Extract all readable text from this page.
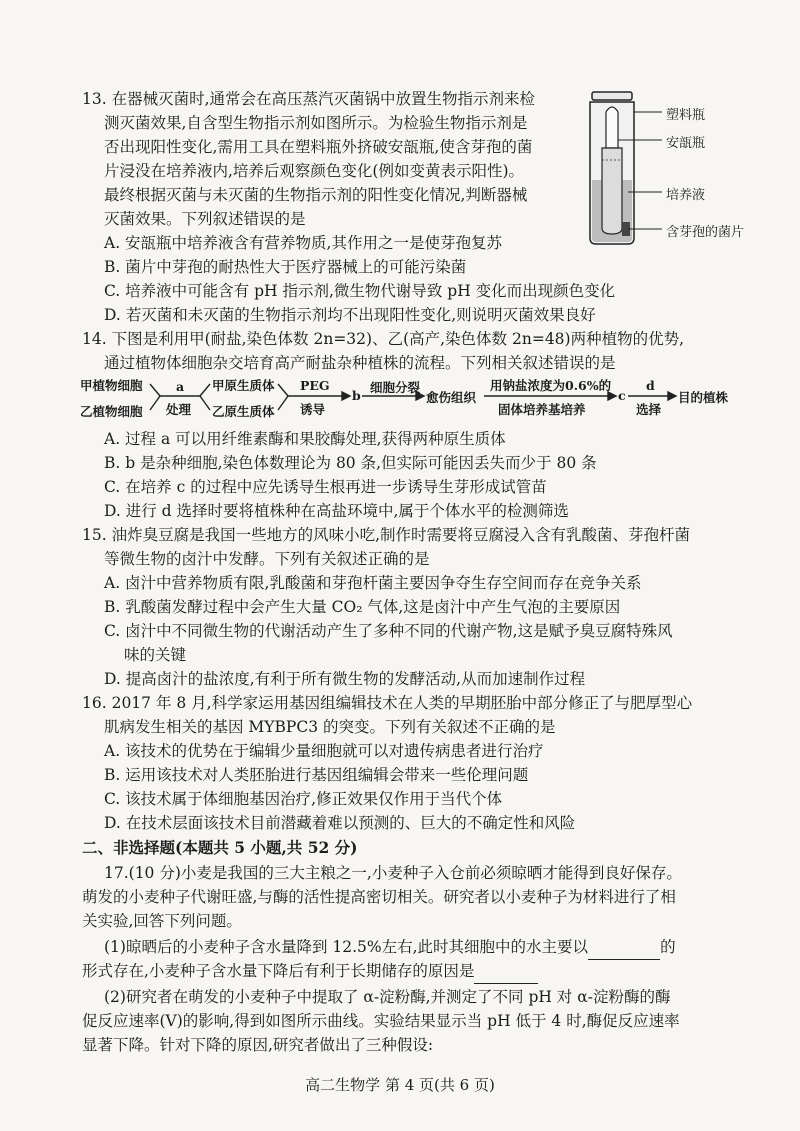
13. 在器械灭菌时,通常会在高压蒸汽灭菌锅中放置生物指示剂来检

测灭菌效果,自含型生物指示剂如图所示。为检验生物指示剂是

否出现阳性变化,需用工具在塑料瓶外挤破安瓿瓶,使含芽孢的菌

片浸没在培养液内,培养后观察颜色变化(例如变黄表示阳性)。

最终根据灭菌与未灭菌的生物指示剂的阳性变化情况,判断器械

灭菌效果。下列叙述错误的是

A. 安瓿瓶中培养液含有营养物质,其作用之一是使芽孢复苏

B. 菌片中芽孢的耐热性大于医疗器械上的可能污染菌

C. 培养液中可能含有 pH 指示剂,微生物代谢导致 pH 变化而出现颜色变化

D. 若灭菌和未灭菌的生物指示剂均不出现阳性变化,则说明灭菌效果良好

塑料瓶
安瓿瓶
培养液
含芽孢的菌片

14. 下图是利用甲(耐盐,染色体数 2n=32)、乙(高产,染色体数 2n=48)两种植物的优势,

通过植物体细胞杂交培育高产耐盐杂种植株的流程。下列相关叙述错误的是

甲植物细胞
乙植物细胞
a
处理
甲原生质体
乙原生质体
PEG
诱导
b
细胞分裂
愈伤组织
用钠盐浓度为0.6%的
固体培养基培养
c
d
选择
目的植株

A. 过程 a 可以用纤维素酶和果胶酶处理,获得两种原生质体

B. b 是杂种细胞,染色体数理论为 80 条,但实际可能因丢失而少于 80 条

C. 在培养 c 的过程中应先诱导生根再进一步诱导生芽形成试管苗

D. 进行 d 选择时要将植株种在高盐环境中,属于个体水平的检测筛选

15. 油炸臭豆腐是我国一些地方的风味小吃,制作时需要将豆腐浸入含有乳酸菌、芽孢杆菌

等微生物的卤汁中发酵。下列有关叙述正确的是

A. 卤汁中营养物质有限,乳酸菌和芽孢杆菌主要因争夺生存空间而存在竞争关系

B. 乳酸菌发酵过程中会产生大量 CO₂ 气体,这是卤汁中产生气泡的主要原因

C. 卤汁中不同微生物的代谢活动产生了多种不同的代谢产物,这是赋予臭豆腐特殊风

味的关键

D. 提高卤汁的盐浓度,有利于所有微生物的发酵活动,从而加速制作过程

16. 2017 年 8 月,科学家运用基因组编辑技术在人类的早期胚胎中部分修正了与肥厚型心

肌病发生相关的基因 MYBPC3 的突变。下列有关叙述不正确的是

A. 该技术的优势在于编辑少量细胞就可以对遗传病患者进行治疗

B. 运用该技术对人类胚胎进行基因组编辑会带来一些伦理问题

C. 该技术属于体细胞基因治疗,修正效果仅作用于当代个体

D. 在技术层面该技术目前潜藏着难以预测的、巨大的不确定性和风险

二、非选择题(本题共 5 小题,共 52 分)

17.(10 分)小麦是我国的三大主粮之一,小麦种子入仓前必须晾晒才能得到良好保存。

萌发的小麦种子代谢旺盛,与酶的活性提高密切相关。研究者以小麦种子为材料进行了相

关实验,回答下列问题。

(1)晾晒后的小麦种子含水量降到 12.5%左右,此时其细胞中的水主要以	的

形式存在,小麦种子含水量下降后有利于长期储存的原因是

(2)研究者在萌发的小麦种子中提取了 α-淀粉酶,并测定了不同 pH 对 α-淀粉酶的酶

促反应速率(V)的影响,得到如图所示曲线。实验结果显示当 pH 低于 4 时,酶促反应速率

显著下降。针对下降的原因,研究者做出了三种假设:

高二生物学 第 4 页(共 6 页)
